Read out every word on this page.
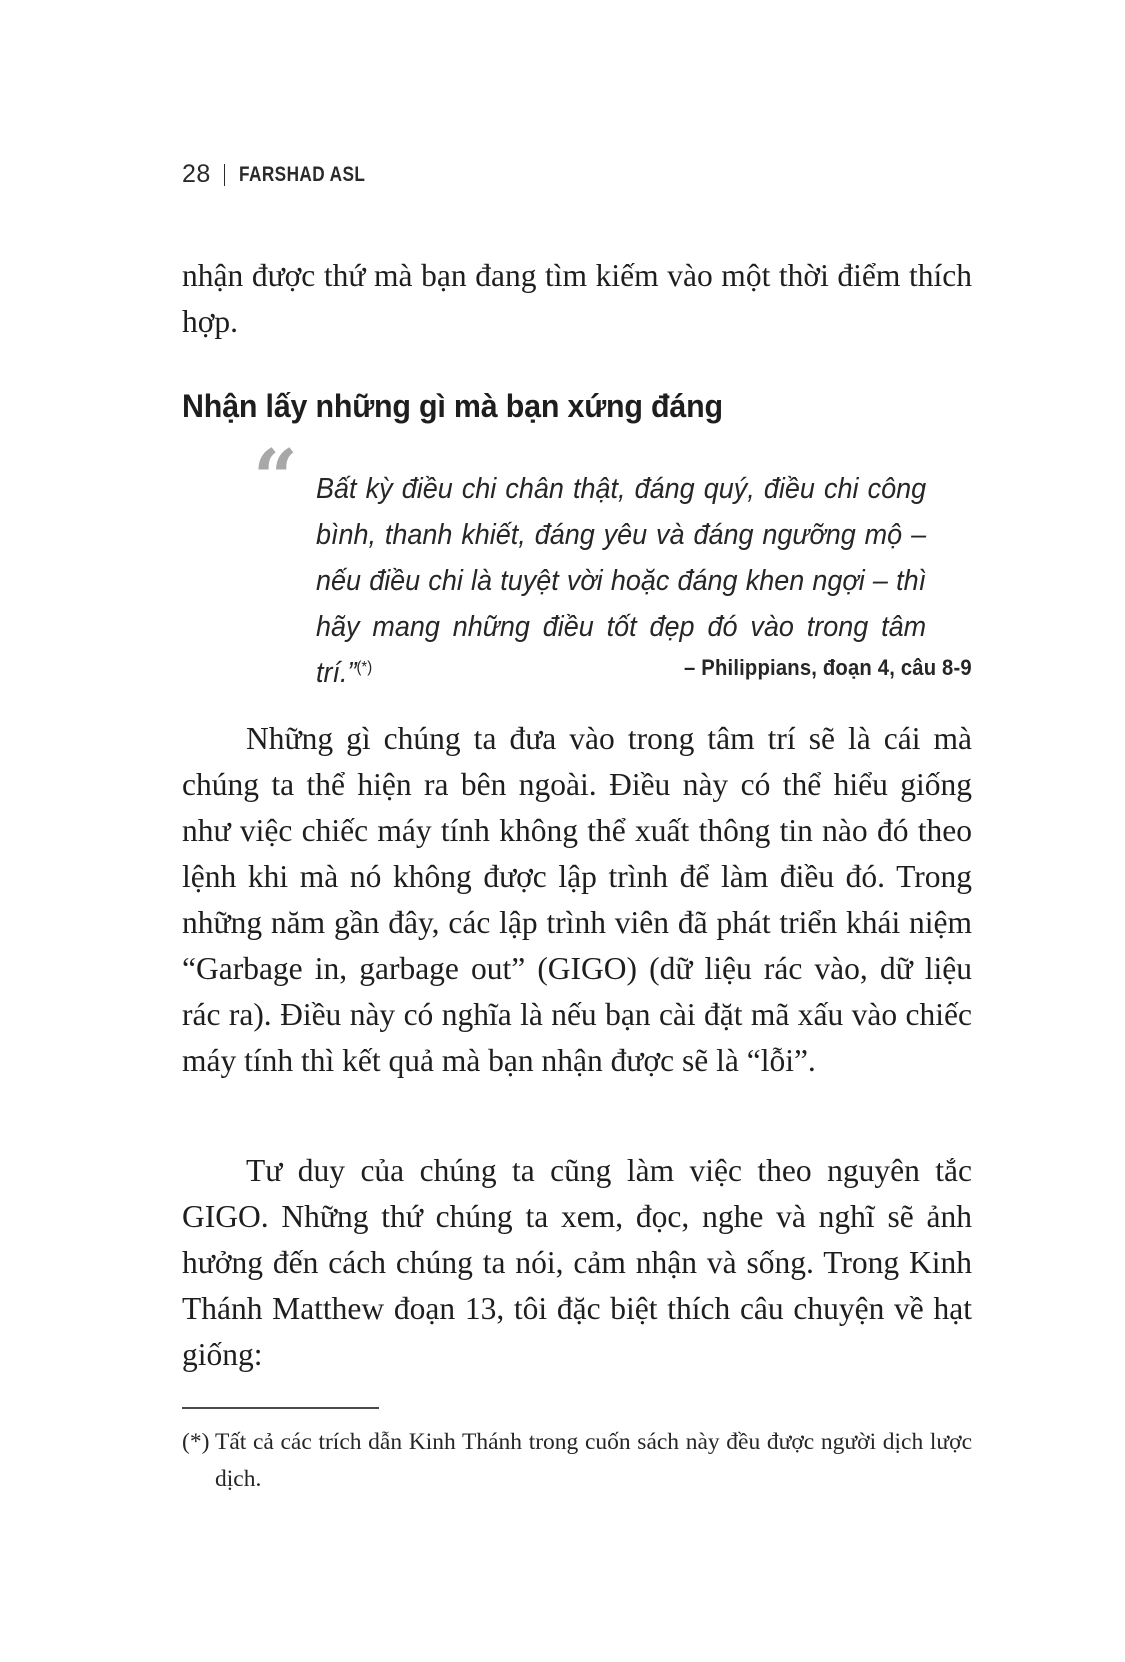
28 FARSHAD ASL
nhận được thứ mà bạn đang tìm kiếm vào một thời điểm thích hợp.
Nhận lấy những gì mà bạn xứng đáng
“ Bất kỳ điều chi chân thật, đáng quý, điều chi công bình, thanh khiết, đáng yêu và đáng ngưỡng mộ – nếu điều chi là tuyệt vời hoặc đáng khen ngợi – thì hãy mang những điều tốt đẹp đó vào trong tâm trí.”(*)	– Philippians, đoạn 4, câu 8-9
Những gì chúng ta đưa vào trong tâm trí sẽ là cái mà chúng ta thể hiện ra bên ngoài. Điều này có thể hiểu giống như việc chiếc máy tính không thể xuất thông tin nào đó theo lệnh khi mà nó không được lập trình để làm điều đó. Trong những năm gần đây, các lập trình viên đã phát triển khái niệm “Garbage in, garbage out” (GIGO) (dữ liệu rác vào, dữ liệu rác ra). Điều này có nghĩa là nếu bạn cài đặt mã xấu vào chiếc máy tính thì kết quả mà bạn nhận được sẽ là “lỗi”.
Tư duy của chúng ta cũng làm việc theo nguyên tắc GIGO. Những thứ chúng ta xem, đọc, nghe và nghĩ sẽ ảnh hưởng đến cách chúng ta nói, cảm nhận và sống. Trong Kinh Thánh Matthew đoạn 13, tôi đặc biệt thích câu chuyện về hạt giống:
(*) Tất cả các trích dẫn Kinh Thánh trong cuốn sách này đều được người dịch lược dịch.
